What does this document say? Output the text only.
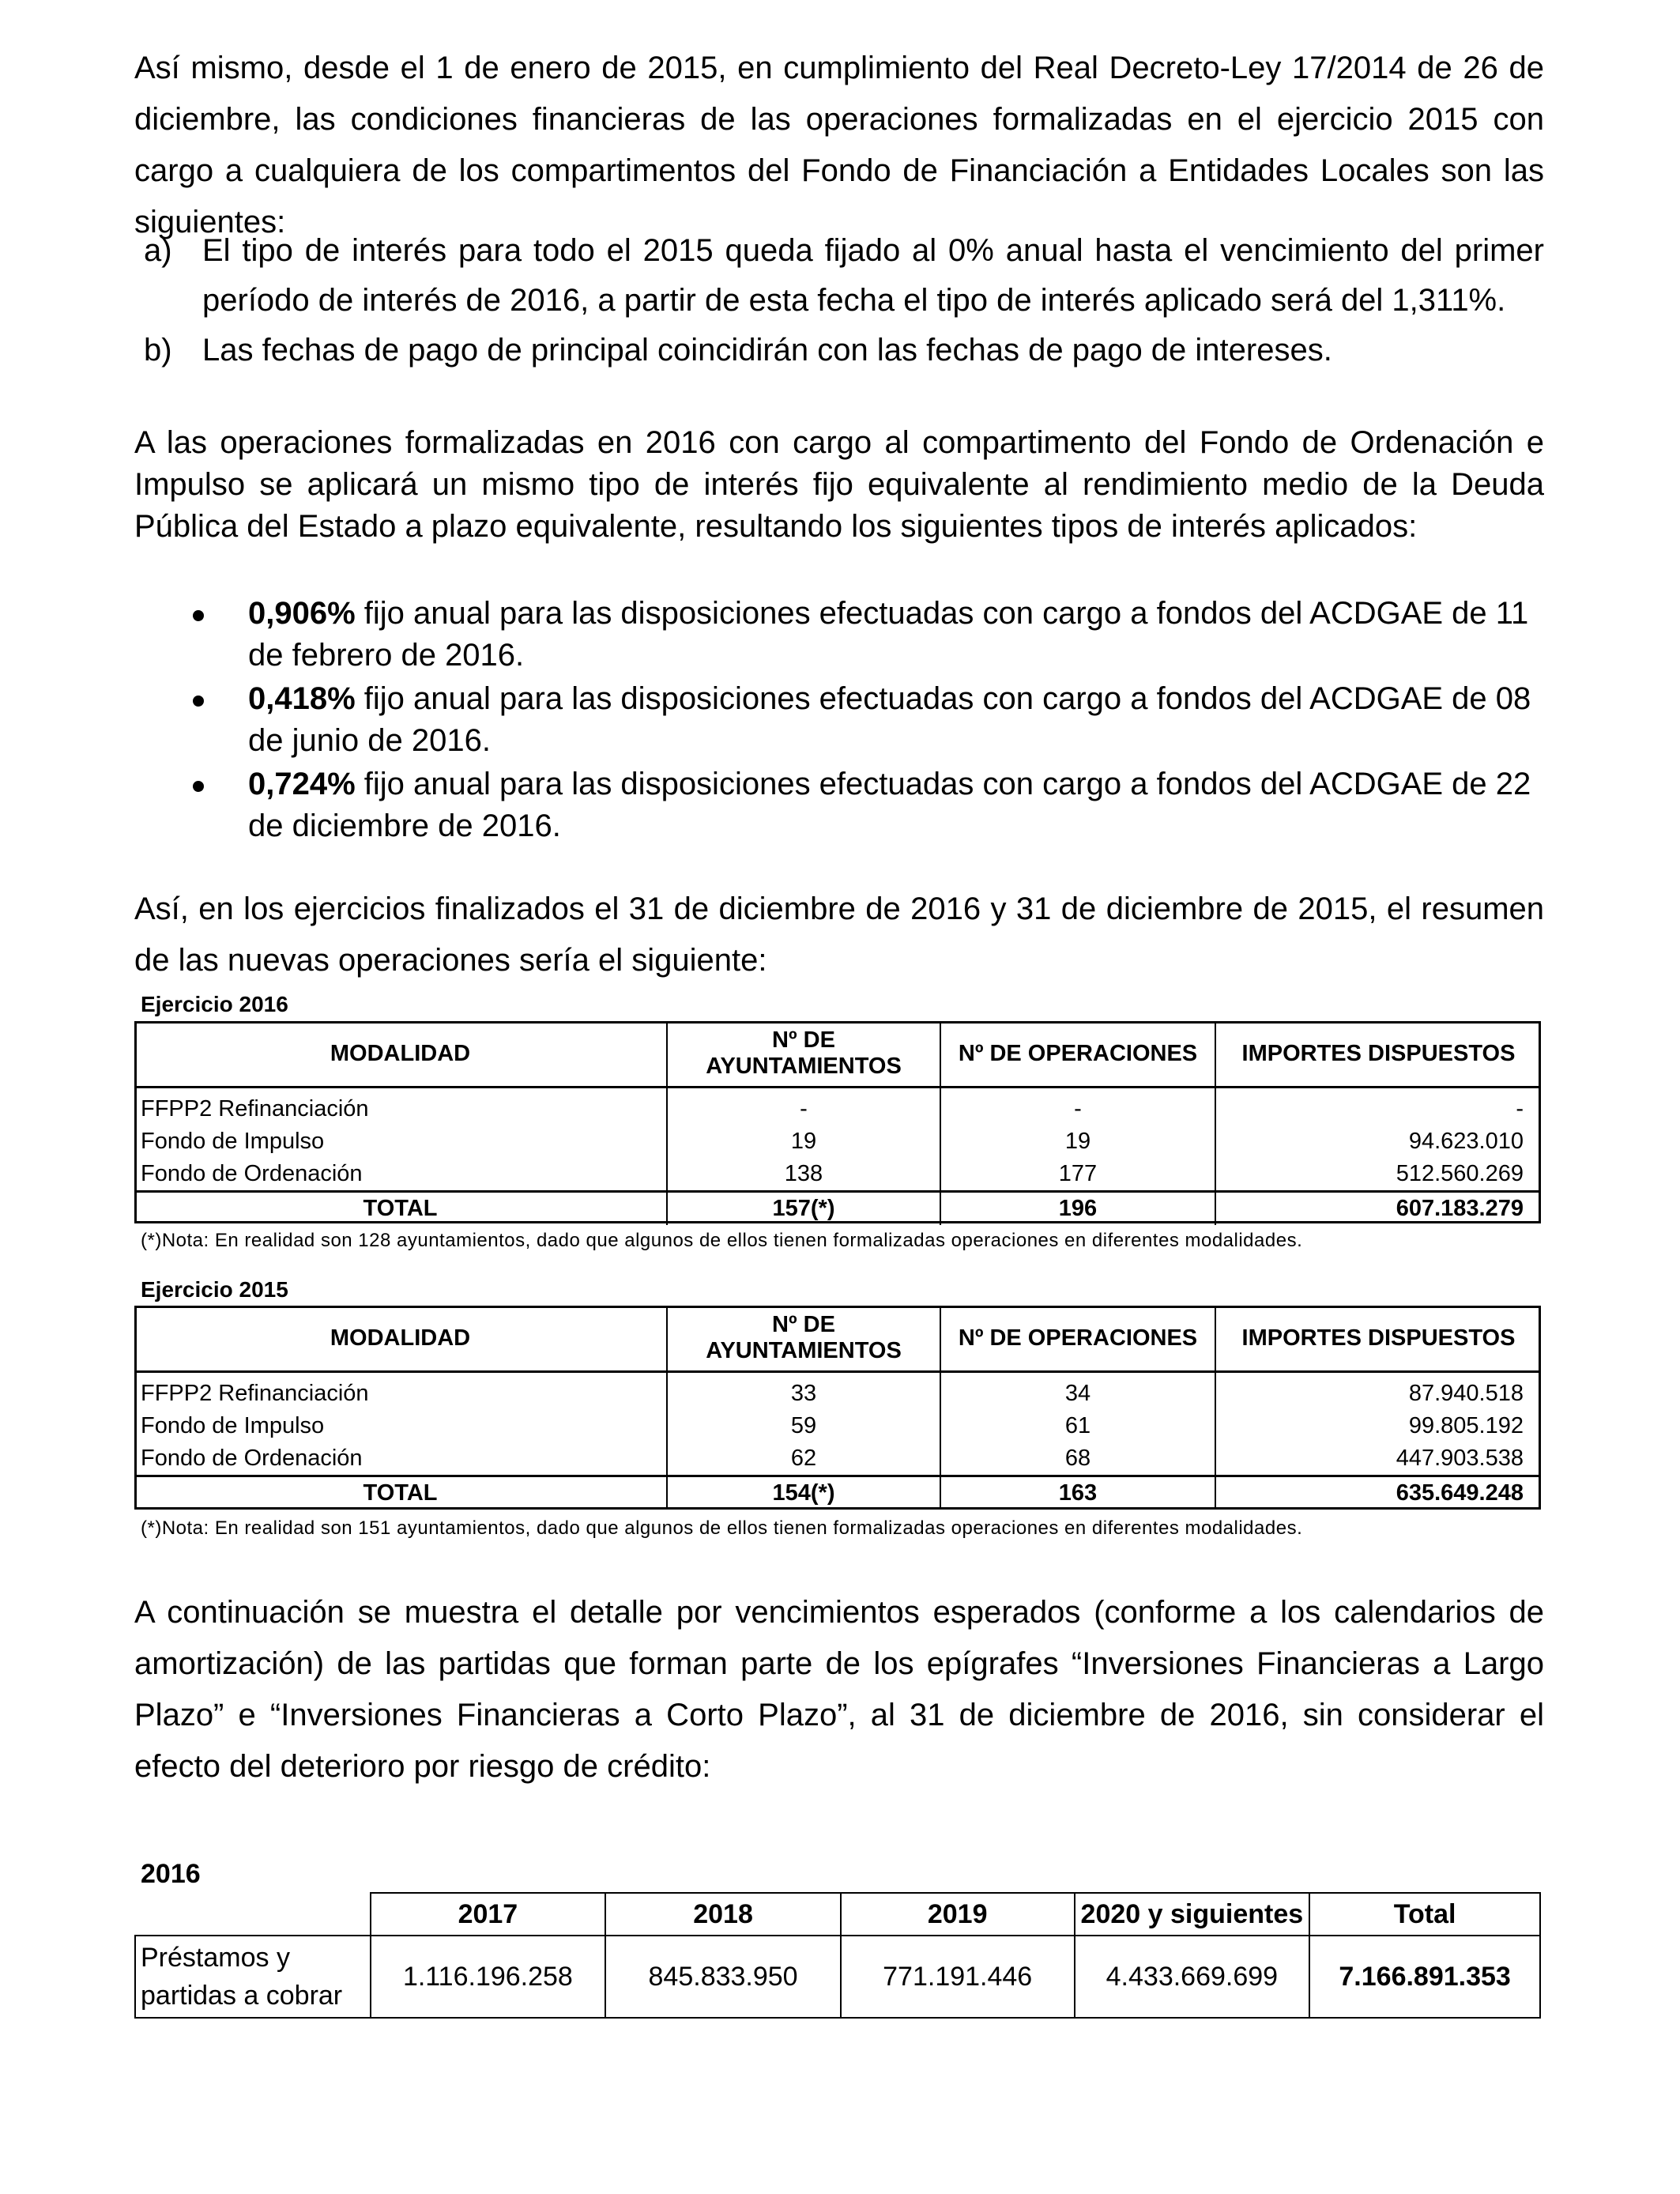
Así mismo, desde el 1 de enero de 2015, en cumplimiento del Real Decreto-Ley 17/2014 de 26 de diciembre, las condiciones financieras de las operaciones formalizadas en el ejercicio 2015 con cargo a cualquiera de los compartimentos del Fondo de Financiación a Entidades Locales son las siguientes:

a) El tipo de interés para todo el 2015 queda fijado al 0% anual hasta el vencimiento del primer período de interés de 2016, a partir de esta fecha el tipo de interés aplicado será del 1,311%.
b) Las fechas de pago de principal coincidirán con las fechas de pago de intereses.

A las operaciones formalizadas en 2016 con cargo al compartimento del Fondo de Ordenación e Impulso se aplicará un mismo tipo de interés fijo equivalente al rendimiento medio de la Deuda Pública del Estado a plazo equivalente, resultando los siguientes tipos de interés aplicados:

0,906% fijo anual para las disposiciones efectuadas con cargo a fondos del ACDGAE de 11 de febrero de 2016.
0,418% fijo anual para las disposiciones efectuadas con cargo a fondos del ACDGAE de 08 de junio de 2016.
0,724% fijo anual para las disposiciones efectuadas con cargo a fondos del ACDGAE de 22 de diciembre de 2016.

Así, en los ejercicios finalizados el 31 de diciembre de 2016 y 31 de diciembre de 2015, el resumen de las nuevas operaciones sería el siguiente:

Ejercicio 2016
MODALIDAD	Nº DE AYUNTAMIENTOS	Nº DE OPERACIONES	IMPORTES DISPUESTOS
FFPP2 Refinanciación	-	-	-
Fondo de Impulso	19	19	94.623.010
Fondo de Ordenación	138	177	512.560.269
TOTAL	157(*)	196	607.183.279
(*)Nota: En realidad son 128 ayuntamientos, dado que algunos de ellos tienen formalizadas operaciones en diferentes modalidades.
Ejercicio 2015
MODALIDAD	Nº DE AYUNTAMIENTOS	Nº DE OPERACIONES	IMPORTES DISPUESTOS
FFPP2 Refinanciación	33	34	87.940.518
Fondo de Impulso	59	61	99.805.192
Fondo de Ordenación	62	68	447.903.538
TOTAL	154(*)	163	635.649.248
(*)Nota: En realidad son 151 ayuntamientos, dado que algunos de ellos tienen formalizadas operaciones en diferentes modalidades.

A continuación se muestra el detalle por vencimientos esperados (conforme a los calendarios de amortización) de las partidas que forman parte de los epígrafes “Inversiones Financieras a Largo Plazo” e “Inversiones Financieras a Corto Plazo”, al 31 de diciembre de 2016, sin considerar el efecto del deterioro por riesgo de crédito:

2016
	2017	2018	2019	2020 y siguientes	Total
Préstamos y partidas a cobrar	1.116.196.258	845.833.950	771.191.446	4.433.669.699	7.166.891.353
